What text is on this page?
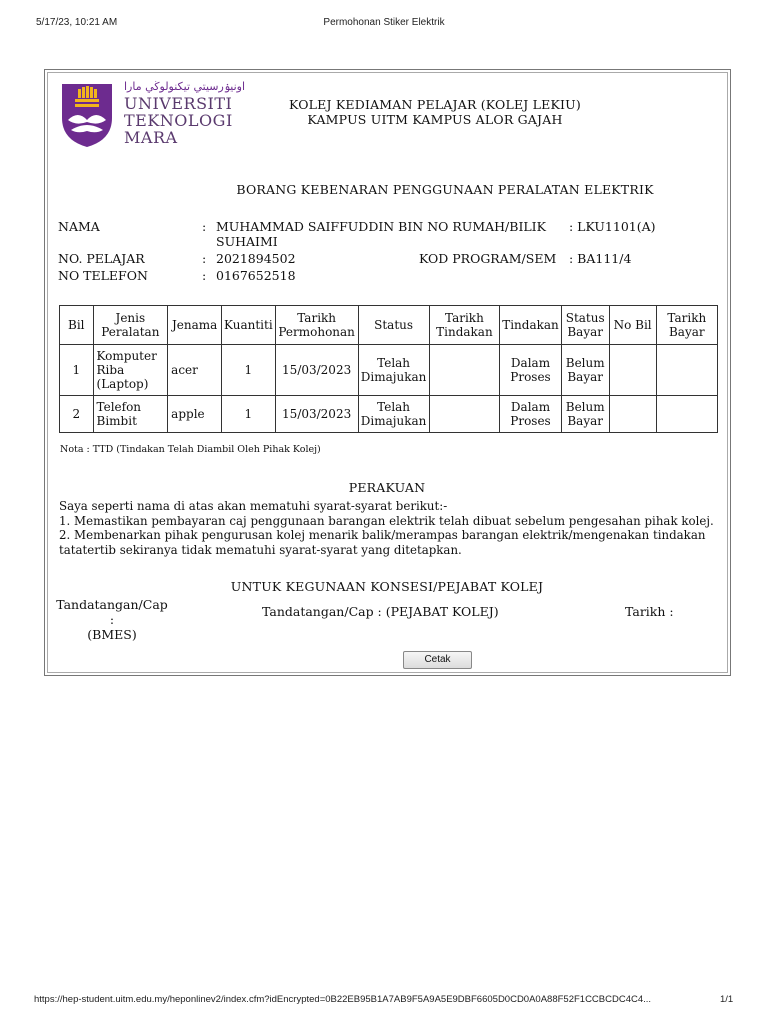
5/17/23, 10:21 AM	Permohonan Stiker Elektrik
اونيۏرسيتي تيكنولوڬي مارا
UNIVERSITI
TEKNOLOGI
MARA
KOLEJ KEDIAMAN PELAJAR (KOLEJ LEKIU)
KAMPUS UITM KAMPUS ALOR GAJAH
BORANG KEBENARAN PENGGUNAAN PERALATAN ELEKTRIK
NAMA	: MUHAMMAD SAIFFUDDIN BIN NO RUMAH/BILIK
SUHAIMI
: LKU1101(A)
NO. PELAJAR	: 2021894502	KOD PROGRAM/SEM : BA111/4
NO TELEFON	: 0167652518
Bil	Jenis Peralatan	Jenama	Kuantiti	Tarikh Permohonan	Status	Tarikh Tindakan	Tindakan	Status Bayar	No Bil	Tarikh Bayar
1	Komputer Riba (Laptop)	acer	1	15/03/2023	Telah Dimajukan		Dalam Proses	Belum Bayar		
2	Telefon Bimbit	apple	1	15/03/2023	Telah Dimajukan		Dalam Proses	Belum Bayar		
Nota : TTD (Tindakan Telah Diambil Oleh Pihak Kolej)
PERAKUAN
Saya seperti nama di atas akan mematuhi syarat-syarat berikut:-
1. Memastikan pembayaran caj penggunaan barangan elektrik telah dibuat sebelum pengesahan pihak kolej.
2. Membenarkan pihak pengurusan kolej menarik balik/merampas barangan elektrik/mengenakan tindakan tatatertib sekiranya tidak mematuhi syarat-syarat yang ditetapkan.
UNTUK KEGUNAAN KONSESI/PEJABAT KOLEJ
Tandatangan/Cap :
(BMES)
Tandatangan/Cap : (PEJABAT KOLEJ)	Tarikh :
Cetak
https://hep-student.uitm.edu.my/heponlinev2/index.cfm?idEncrypted=0B22EB95B1A7AB9F5A9A5E9DBF6605D0CD0A0A88F52F1CCBCDC4C4...	1/1
